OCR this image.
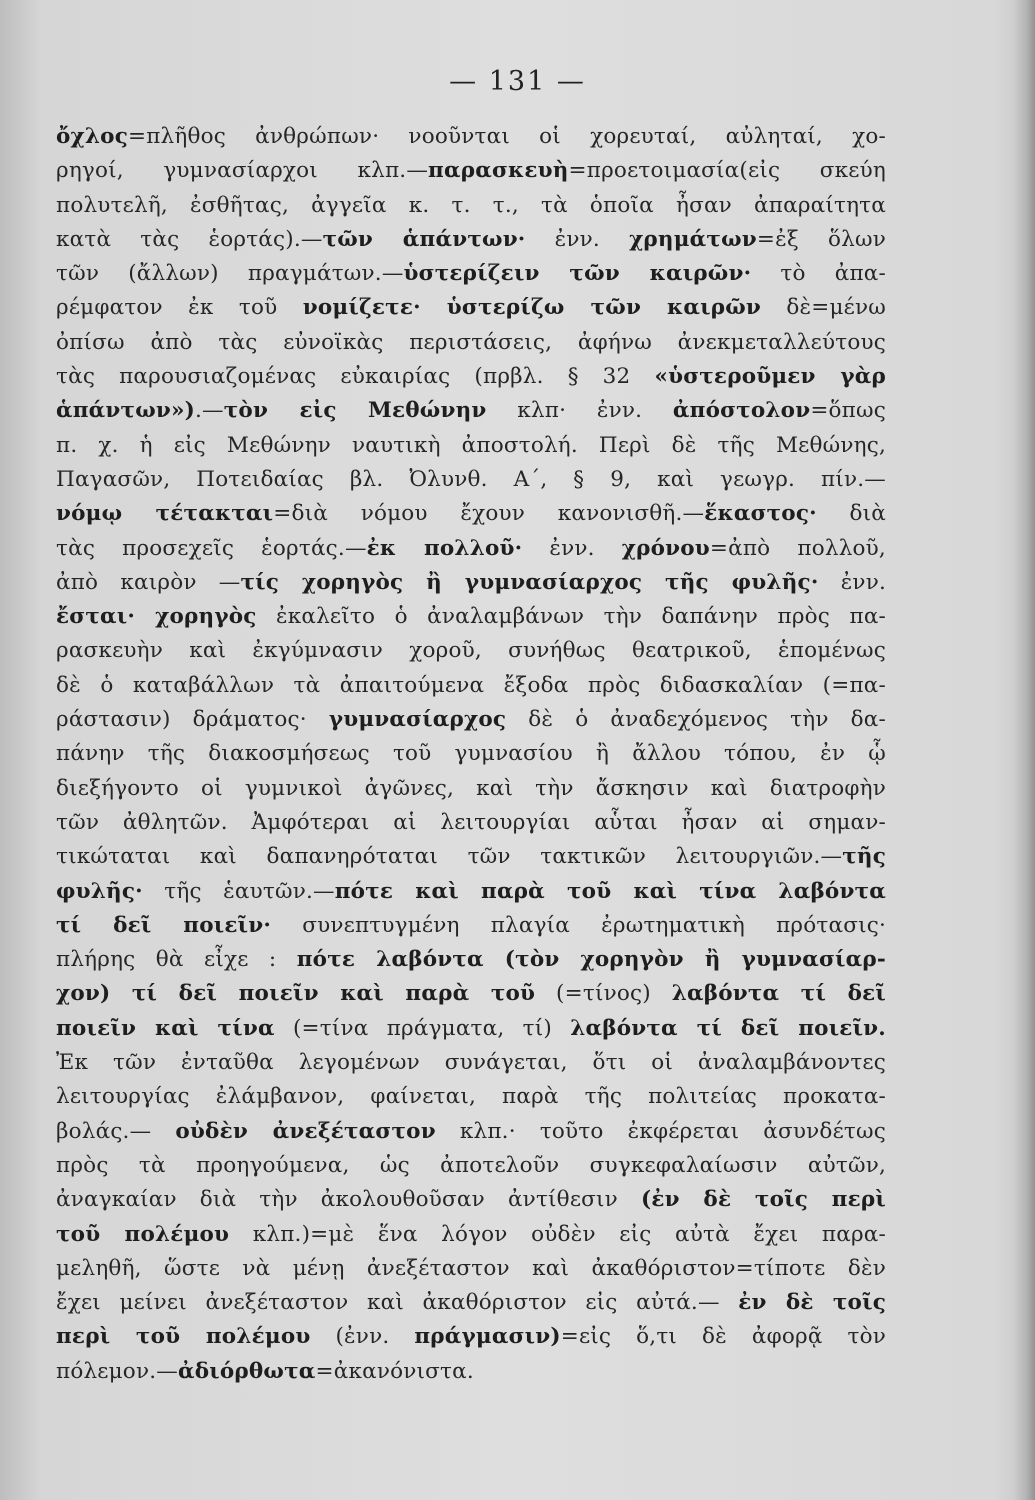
— 131 —
ὄχλος=πλῆθος ἀνθρώπων· νοοῦνται οἱ χορευταί, αὐληταί, χο-
ρηγοί, γυμνασίαρχοι κλπ.—παρασκευὴ=προετοιμασία(εἰς σκεύη
πολυτελῆ, ἐσθῆτας, ἀγγεῖα κ. τ. τ., τὰ ὁποῖα ἦσαν ἀπαραίτητα
κατὰ τὰς ἑορτάς).—τῶν ἁπάντων· ἐνν. χρημάτων=ἐξ ὅλων
τῶν (ἄλλων) πραγμάτων.—ὑστερίζειν τῶν καιρῶν· τὸ ἀπα-
ρέμφατον ἐκ τοῦ νομίζετε· ὑστερίζω τῶν καιρῶν δὲ=μένω
ὀπίσω ἀπὸ τὰς εὐνοϊκὰς περιστάσεις, ἀφήνω ἀνεκμεταλλεύτους
τὰς παρουσιαζομένας εὐκαιρίας (πρβλ. § 32 «ὑστεροῦμεν γὰρ
ἁπάντων»).—τὸν εἰς Μεθώνην κλπ· ἐνν. ἀπόστολον=ὅπως
π. χ. ἡ εἰς Μεθώνην ναυτικὴ ἀποστολή. Περὶ δὲ τῆς Μεθώνης,
Παγασῶν, Ποτειδαίας βλ. Ὀλυνθ. Α΄, § 9, καὶ γεωγρ. πίν.—
νόμῳ τέτακται=διὰ νόμου ἔχουν κανονισθῆ.—ἕκαστος· διὰ
τὰς προσεχεῖς ἑορτάς.—ἐκ πολλοῦ· ἐνν. χρόνου=ἀπὸ πολλοῦ,
ἀπὸ καιρὸν —τίς χορηγὸς ἢ γυμνασίαρχος τῆς φυλῆς· ἐνν.
ἔσται· χορηγὸς ἐκαλεῖτο ὁ ἀναλαμβάνων τὴν δαπάνην πρὸς πα-
ρασκευὴν καὶ ἐκγύμνασιν χοροῦ, συνήθως θεατρικοῦ, ἑπομένως
δὲ ὁ καταβάλλων τὰ ἀπαιτούμενα ἔξοδα πρὸς διδασκαλίαν (=πα-
ράστασιν) δράματος· γυμνασίαρχος δὲ ὁ ἀναδεχόμενος τὴν δα-
πάνην τῆς διακοσμήσεως τοῦ γυμνασίου ἢ ἄλλου τόπου, ἐν ᾧ
διεξήγοντο οἱ γυμνικοὶ ἀγῶνες, καὶ τὴν ἄσκησιν καὶ διατροφὴν
τῶν ἀθλητῶν. Ἀμφότεραι αἱ λειτουργίαι αὗται ἦσαν αἱ σημαν-
τικώταται καὶ δαπανηρόταται τῶν τακτικῶν λειτουργιῶν.—τῆς
φυλῆς· τῆς ἑαυτῶν.—πότε καὶ παρὰ τοῦ καὶ τίνα λαβόντα
τί δεῖ ποιεῖν· συνεπτυγμένη πλαγία ἐρωτηματικὴ πρότασις·
πλήρης θὰ εἶχε : πότε λαβόντα (τὸν χορηγὸν ἢ γυμνασίαρ-
χον) τί δεῖ ποιεῖν καὶ παρὰ τοῦ (=τίνος) λαβόντα τί δεῖ
ποιεῖν καὶ τίνα (=τίνα πράγματα, τί) λαβόντα τί δεῖ ποιεῖν.
Ἐκ τῶν ἐνταῦθα λεγομένων συνάγεται, ὅτι οἱ ἀναλαμβάνοντες
λειτουργίας ἐλάμβανον, φαίνεται, παρὰ τῆς πολιτείας προκατα-
βολάς.— οὐδὲν ἀνεξέταστον κλπ.· τοῦτο ἐκφέρεται ἀσυνδέτως
πρὸς τὰ προηγούμενα, ὡς ἀποτελοῦν συγκεφαλαίωσιν αὐτῶν,
ἀναγκαίαν διὰ τὴν ἀκολουθοῦσαν ἀντίθεσιν (ἐν δὲ τοῖς περὶ
τοῦ πολέμου κλπ.)=μὲ ἕνα λόγον οὐδὲν εἰς αὐτὰ ἔχει παρα-
μεληθῆ, ὥστε νὰ μένῃ ἀνεξέταστον καὶ ἀκαθόριστον=τίποτε δὲν
ἔχει μείνει ἀνεξέταστον καὶ ἀκαθόριστον εἰς αὐτά.— ἐν δὲ τοῖς
περὶ τοῦ πολέμου (ἐνν. πράγμασιν)=εἰς ὅ,τι δὲ ἀφορᾷ τὸν
πόλεμον.—ἀδιόρθωτα=ἀκανόνιστα.
